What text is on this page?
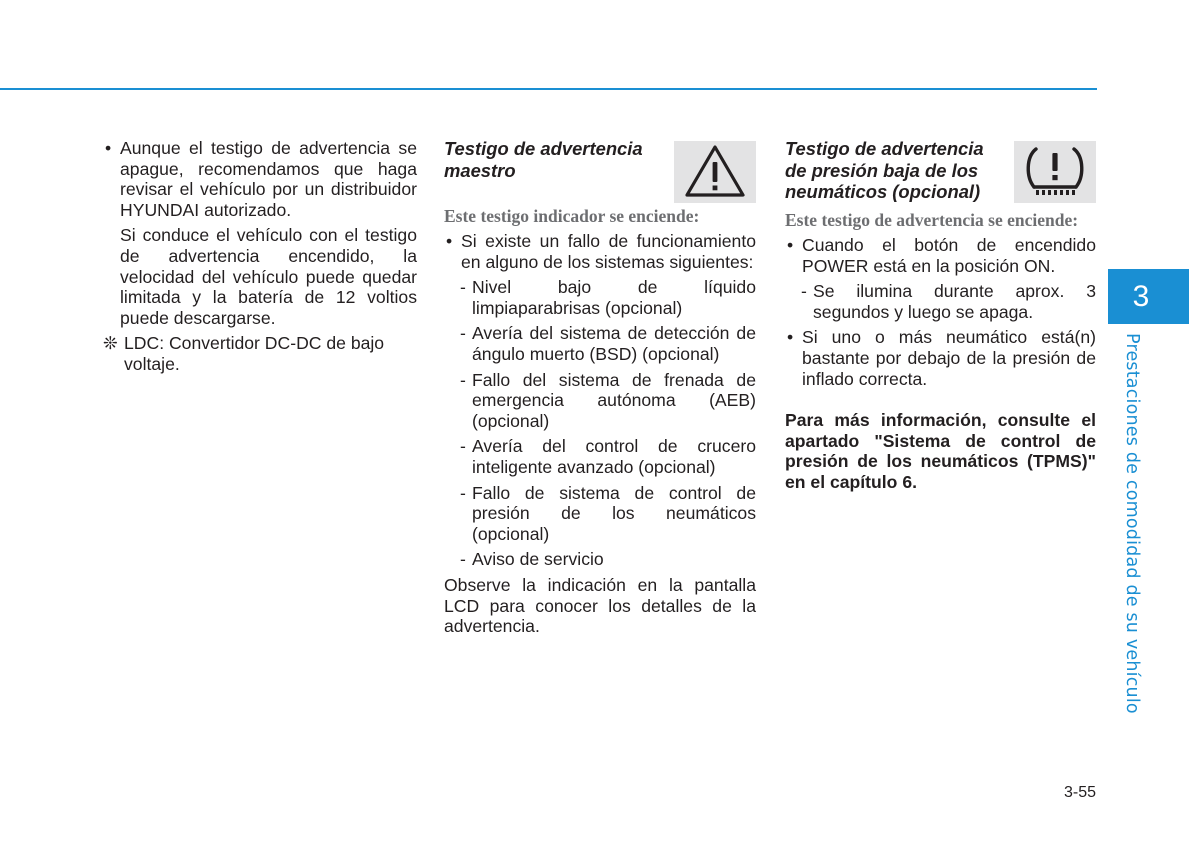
• Aunque el testigo de advertencia se apague, recomendamos que haga revisar el vehículo por un distribuidor HYUNDAI autorizado.

Si conduce el vehículo con el testigo de advertencia encendido, la velocidad del vehículo puede quedar limitada y la batería de 12 voltios puede descargarse.

❊ LDC: Convertidor DC-DC de bajo voltaje.
Testigo de advertencia maestro

Este testigo indicador se enciende:

• Si existe un fallo de funcionamiento en alguno de los sistemas siguientes:

- Nivel bajo de líquido limpiaparabrisas (opcional)

- Avería del sistema de detección de ángulo muerto (BSD) (opcional)

- Fallo del sistema de frenada de emergencia autónoma (AEB) (opcional)

- Avería del control de crucero inteligente avanzado (opcional)

- Fallo de sistema de control de presión de los neumáticos (opcional)

- Aviso de servicio

Observe la indicación en la pantalla LCD para conocer los detalles de la advertencia.

Testigo de advertencia de presión baja de los neumáticos (opcional)

Este testigo de advertencia se enciende:

• Cuando el botón de encendido POWER está en la posición ON.

- Se ilumina durante aprox. 3 segundos y luego se apaga.

• Si uno o más neumático está(n) bastante por debajo de la presión de inflado correcta.

Para más información, consulte el apartado "Sistema de control de presión de los neumáticos (TPMS)" en el capítulo 6.

3
Prestaciones de comodidad de su vehículo
3-55
